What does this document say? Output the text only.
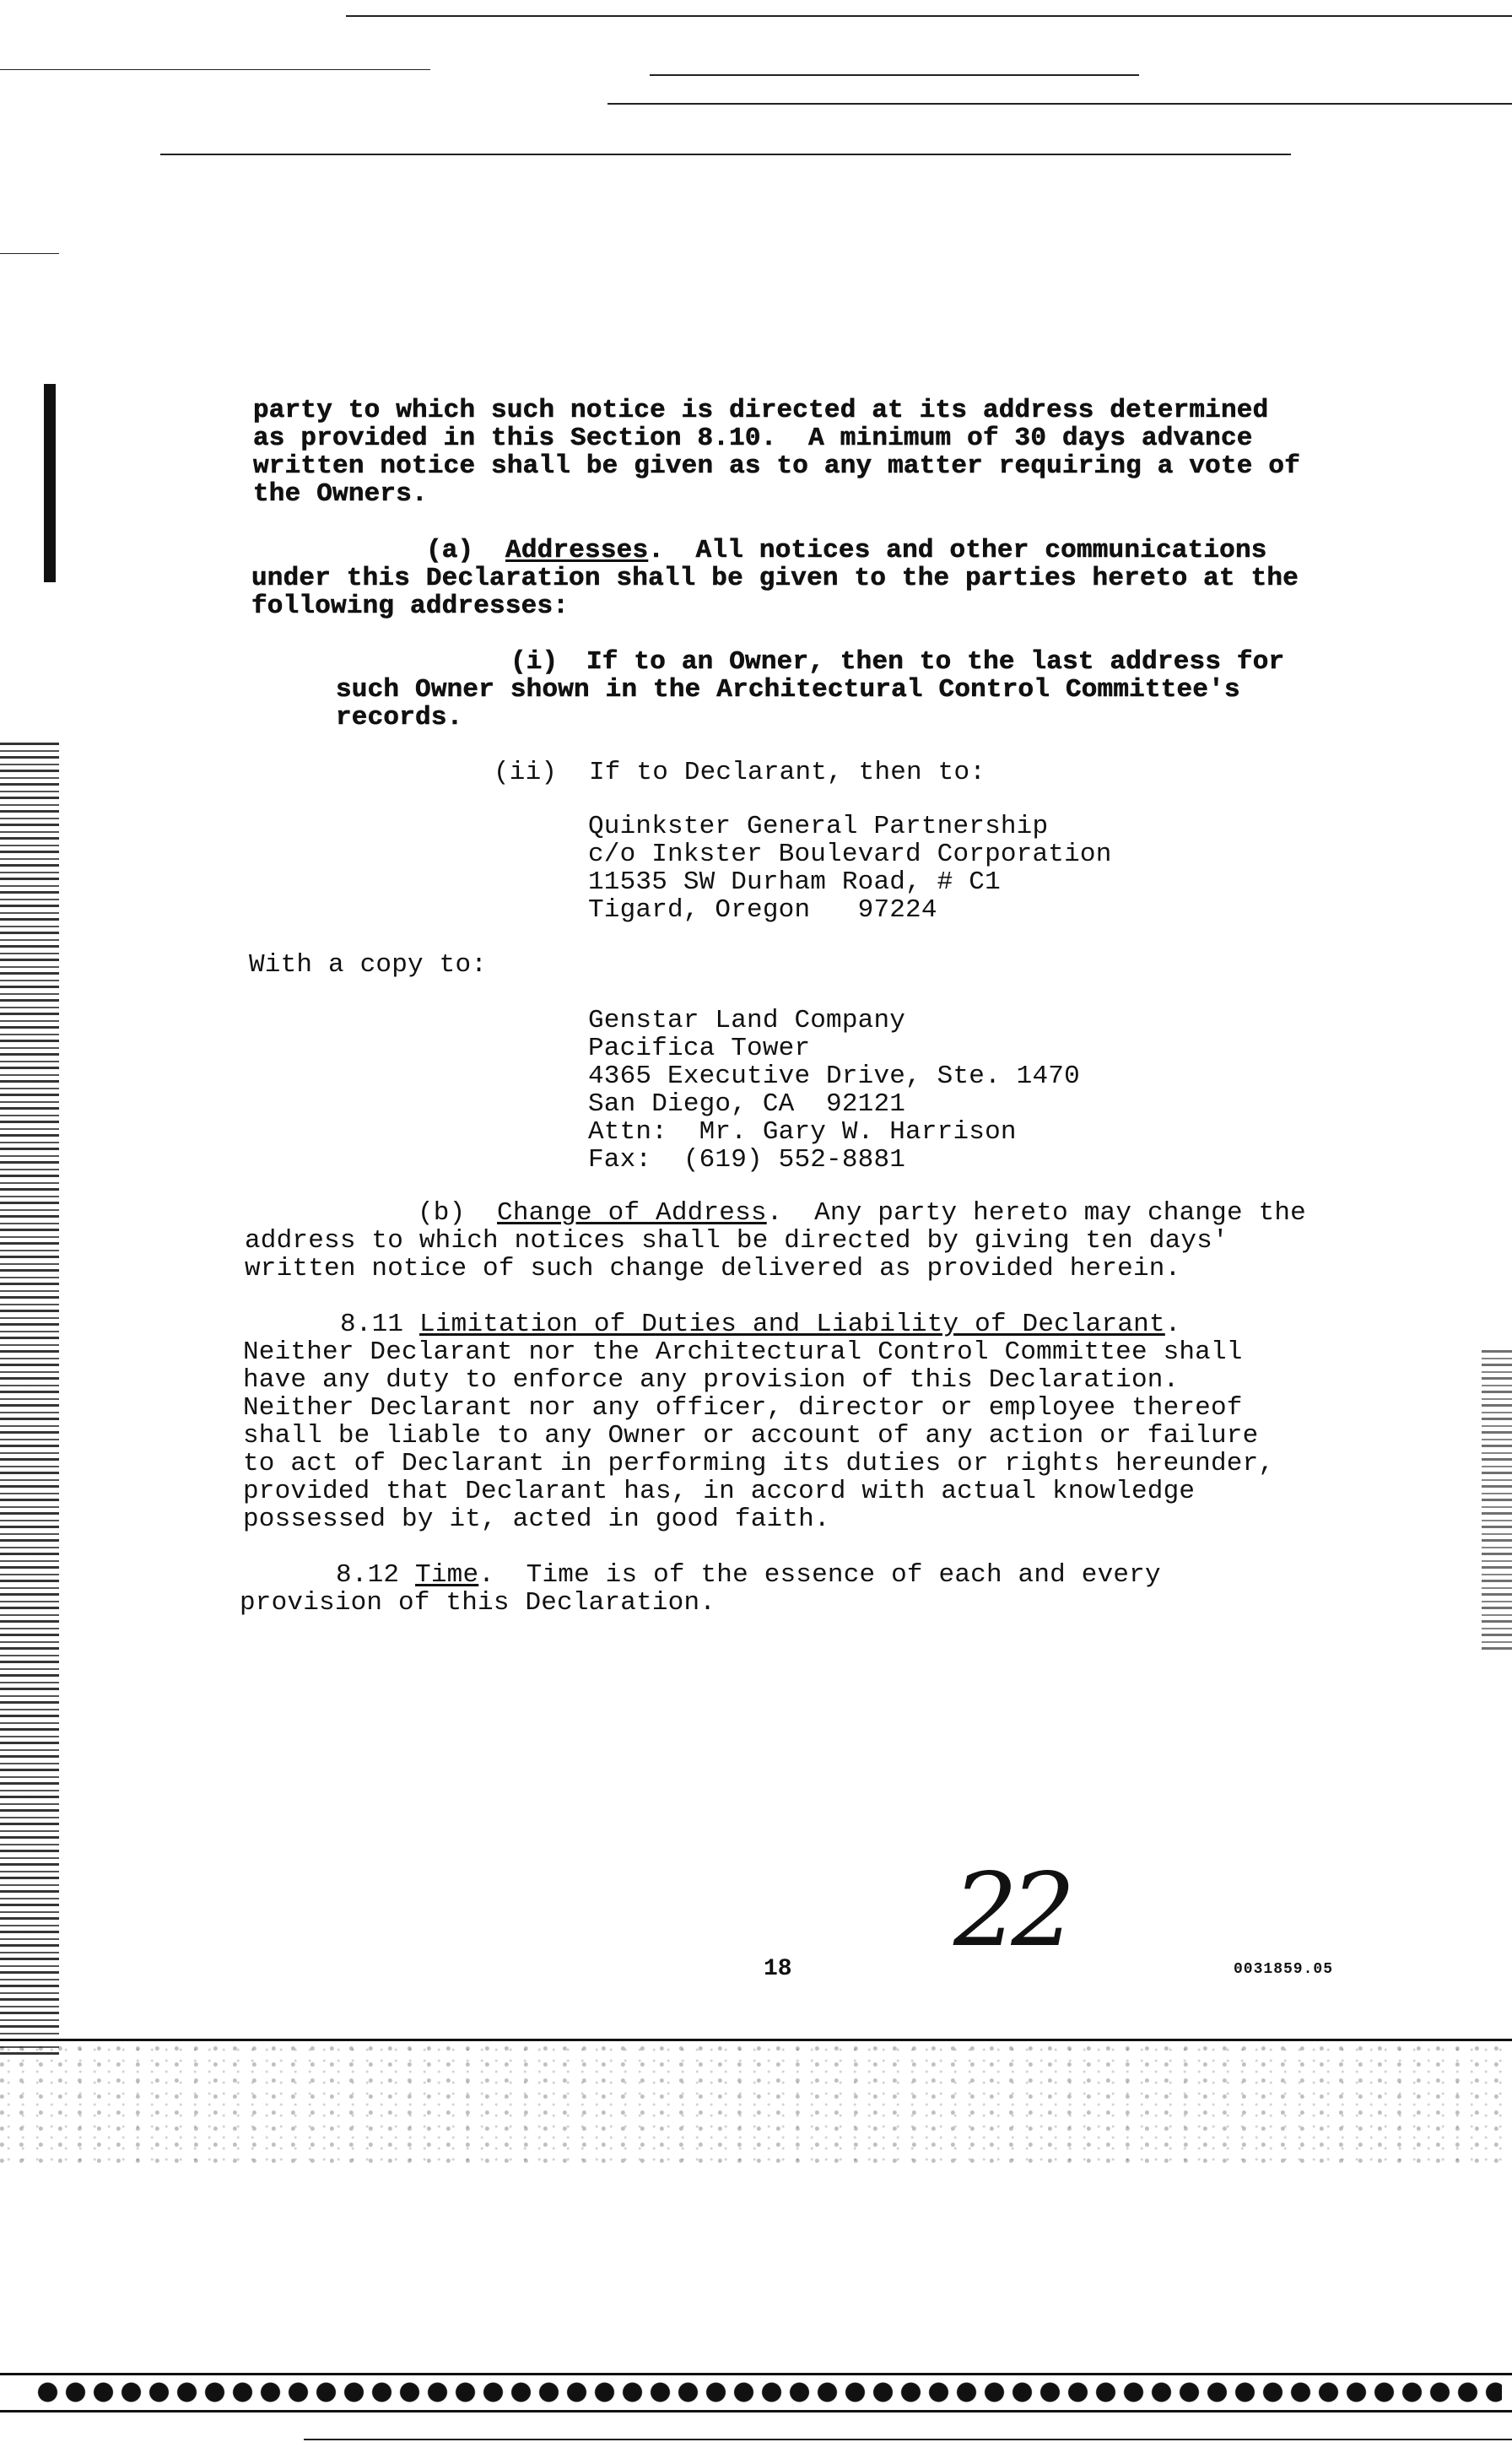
party to which such notice is directed at its address determined
as provided in this Section 8.10.  A minimum of 30 days advance
written notice shall be given as to any matter requiring a vote of
the Owners.
(a) Addresses.  All notices and other communications
under this Declaration shall be given to the parties hereto at the
following addresses:
(i) If to an Owner, then to the last address for
such Owner shown in the Architectural Control Committee's
records.
(ii) If to Declarant, then to:
Quinkster General Partnership
c/o Inkster Boulevard Corporation
11535 SW Durham Road, # C1
Tigard, Oregon   97224
With a copy to:
Genstar Land Company
Pacifica Tower
4365 Executive Drive, Ste. 1470
San Diego, CA  92121
Attn:  Mr. Gary W. Harrison
Fax:  (619) 552-8881
(b) Change of Address.  Any party hereto may change the
address to which notices shall be directed by giving ten days'
written notice of such change delivered as provided herein.
8.11 Limitation of Duties and Liability of Declarant.
Neither Declarant nor the Architectural Control Committee shall
have any duty to enforce any provision of this Declaration.
Neither Declarant nor any officer, director or employee thereof
shall be liable to any Owner or account of any action or failure
to act of Declarant in performing its duties or rights hereunder,
provided that Declarant has, in accord with actual knowledge
possessed by it, acted in good faith.
8.12 Time.  Time is of the essence of each and every
provision of this Declaration.
22
18	0031859.05
